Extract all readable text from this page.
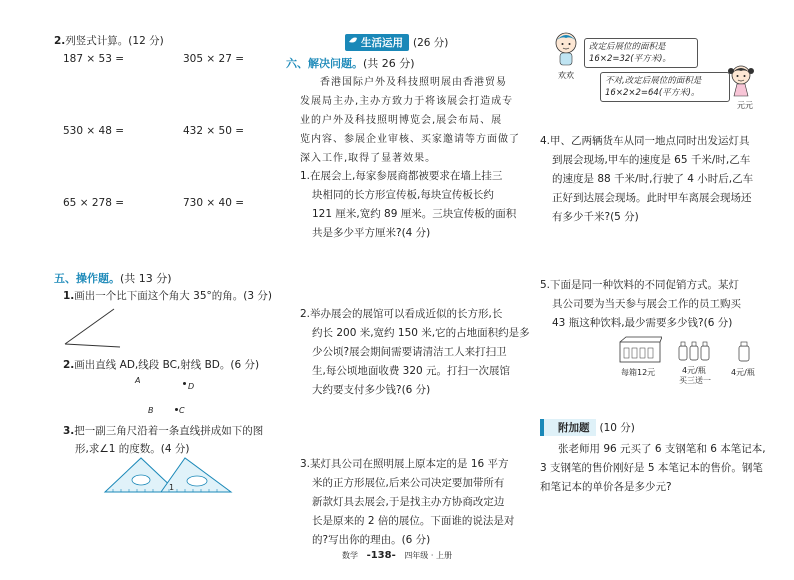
2.列竖式计算。(12 分)
187 × 53 =	305 × 27 =
530 × 48 =	432 × 50 =
65 × 278 =	730 × 40 =
五、操作题。(共 13 分)
1.画出一个比下面这个角大 35°的角。(3 分)
2.画出直线 AD,线段 BC,射线 BD。(6 分)
A
D
B	C
3.把一副三角尺沿着一条直线拼成如下的图
形,求∠1 的度数。(4 分)
1
生活运用 (26 分)
六、解决问题。(共 26 分)
香港国际户外及科技照明展由香港贸易
发展局主办,主办方致力于将该展会打造成专
业的户外及科技照明博览会,展会布局、展
览内容、参展企业审核、买家邀请等方面做了
深入工作,取得了显著效果。
1.在展会上,每家参展商都被要求在墙上挂三
块相同的长方形宣传板,每块宣传板长约
121 厘米,宽约 89 厘米。三块宣传板的面积
共是多少平方厘米?(4 分)
2.举办展会的展馆可以看成近似的长方形,长
约长 200 米,宽约 150 米,它的占地面积约是多
少公顷?展会期间需要请清洁工人来打扫卫
生,每公顷地面收费 320 元。打扫一次展馆
大约要支付多少钱?(6 分)
3.某灯具公司在照明展上原本定的是 16 平方
米的正方形展位,后来公司决定要加带所有
新款灯具去展会,于是找主办方协商改定边
长是原来的 2 倍的展位。下面谁的说法是对
的?写出你的理由。(6 分)
欢欢
改定后展位的面积是
16×2=32(平方米)。
不对,改定后展位的面积是
16×2×2=64(平方米)。
元元
4.甲、乙两辆货车从同一地点同时出发运灯具
到展会现场,甲车的速度是 65 千米/时,乙车
的速度是 88 千米/时,行驶了 4 小时后,乙车
正好到达展会现场。此时甲车离展会现场还
有多少千米?(5 分)
5.下面是同一种饮料的不同促销方式。某灯
具公司要为当天参与展会工作的员工购买
43 瓶这种饮料,最少需要多少钱?(6 分)
每箱12元	4元/瓶
买三送一
4元/瓶
附加题 (10 分)
张老师用 96 元买了 6 支钢笔和 6 本笔记本,
3 支钢笔的售价刚好是 5 本笔记本的售价。钢笔
和笔记本的单价各是多少元?
数学 -138- 四年级 · 上册
